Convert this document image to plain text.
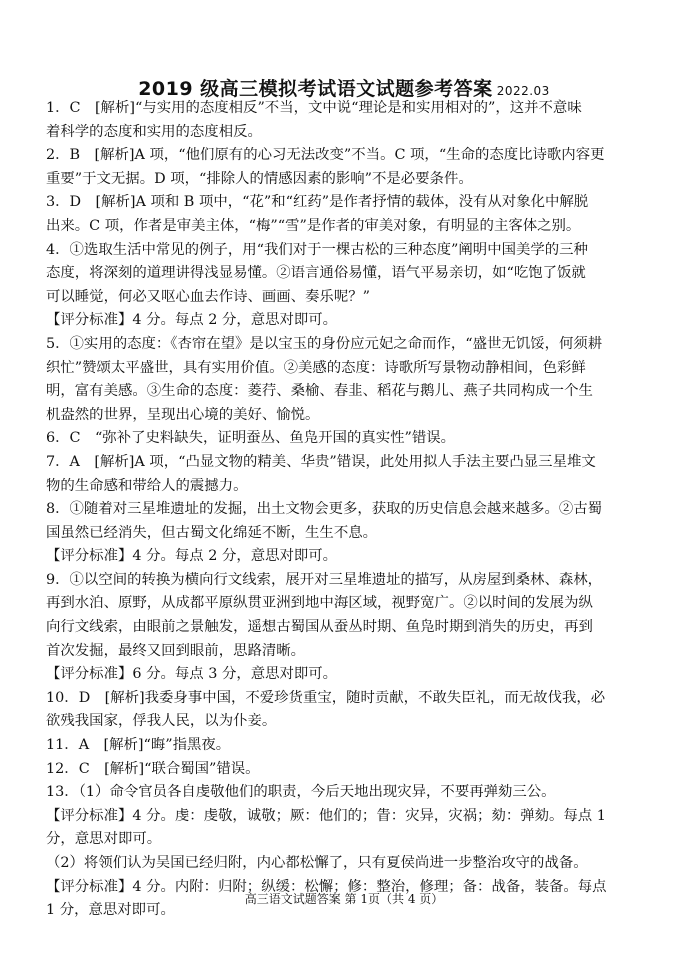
2019 级高三模拟考试语文试题参考答案 2022.03
1．C　[解析]“与实用的态度相反”不当，文中说“理论是和实用相对的”，这并不意味
着科学的态度和实用的态度相反。
2．B　[解析]A 项，“他们原有的心习无法改变”不当。C 项，“生命的态度比诗歌内容更
重要”于文无据。D 项，“排除人的情感因素的影响”不是必要条件。
3．D　[解析]A 项和 B 项中，“花”和“红药”是作者抒情的载体，没有从对象化中解脱
出来。C 项，作者是审美主体，“梅”“雪”是作者的审美对象，有明显的主客体之别。
4．①选取生活中常见的例子，用“我们对于一棵古松的三种态度”阐明中国美学的三种
态度，将深刻的道理讲得浅显易懂。②语言通俗易懂，语气平易亲切，如“吃饱了饭就
可以睡觉，何必又呕心血去作诗、画画、奏乐呢？”
【评分标准】4 分。每点 2 分，意思对即可。
5．①实用的态度：《杏帘在望》是以宝玉的身份应元妃之命而作，“盛世无饥馁，何须耕
织忙”赞颂太平盛世，具有实用价值。②美感的态度：诗歌所写景物动静相间，色彩鲜
明，富有美感。③生命的态度：菱荇、桑榆、春韭、稻花与鹅儿、燕子共同构成一个生
机盎然的世界，呈现出心境的美好、愉悦。
6．C　“弥补了史料缺失，证明蚕丛、鱼凫开国的真实性”错误。
7．A　[解析]A 项，“凸显文物的精美、华贵”错误，此处用拟人手法主要凸显三星堆文
物的生命感和带给人的震撼力。
8．①随着对三星堆遗址的发掘，出土文物会更多，获取的历史信息会越来越多。②古蜀
国虽然已经消失，但古蜀文化绵延不断，生生不息。
【评分标准】4 分。每点 2 分，意思对即可。
9．①以空间的转换为横向行文线索，展开对三星堆遗址的描写，从房屋到桑林、森林，
再到水泊、原野，从成都平原纵贯亚洲到地中海区域，视野宽广。②以时间的发展为纵
向行文线索，由眼前之景触发，遥想古蜀国从蚕丛时期、鱼凫时期到消失的历史，再到
首次发掘，最终又回到眼前，思路清晰。
【评分标准】6 分。每点 3 分，意思对即可。
10．D　[解析]我委身事中国，不爱珍货重宝，随时贡献，不敢失臣礼，而无故伐我，必
欲残我国家，俘我人民，以为仆妾。
11．A　[解析]“晦”指黑夜。
12．C　[解析]“联合蜀国”错误。
13．（1）命令官员各自虔敬他们的职责，今后天地出现灾异，不要再弹劾三公。
【评分标准】4 分。虔：虔敬，诚敬；厥：他们的；眚：灾异，灾祸；劾：弹劾。每点 1
分，意思对即可。
（2）将领们认为吴国已经归附，内心都松懈了，只有夏侯尚进一步整治攻守的战备。
【评分标准】4 分。内附：归附；纵缓：松懈；修：整治，修理；备：战备，装备。每点
1 分，意思对即可。
高三语文试题答案 第 1页（共 4 页）
